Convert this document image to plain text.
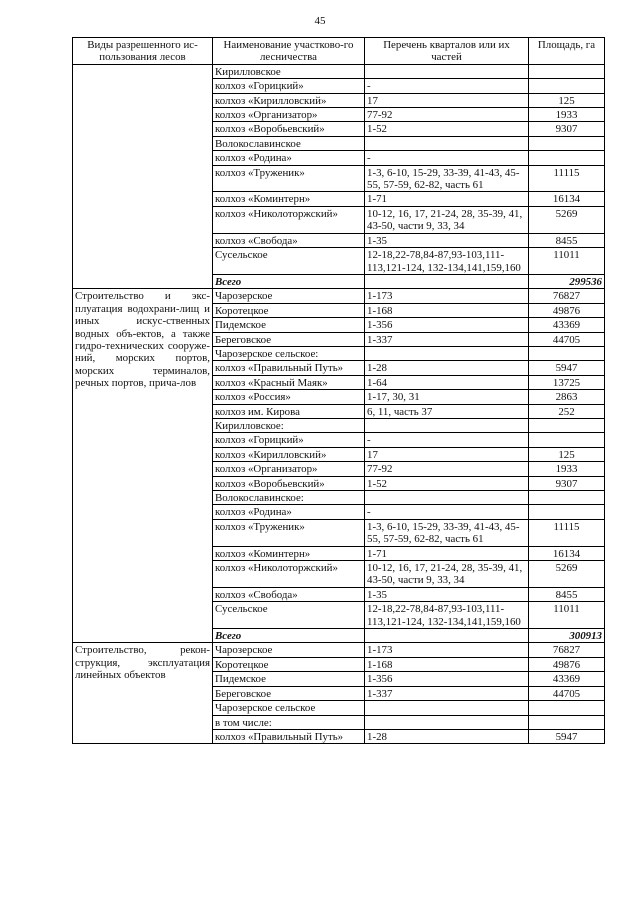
45
Виды разрешенного ис-пользования лесов	Наименование участково-го лесничества	Перечень кварталов или их частей	Площадь, га
	Кирилловское		
	колхоз «Горицкий»	-	
	колхоз «Кирилловский»	17	125
	колхоз «Организатор»	77-92	1933
	колхоз «Воробьевский»	1-52	9307
	Волокославинское		
	колхоз «Родина»	-	
	колхоз «Труженик»	1-3, 6-10, 15-29, 33-39, 41-43, 45-55, 57-59, 62-82, часть 61	11115
	колхоз «Коминтерн»	1-71	16134
	колхоз «Николоторжский»	10-12, 16, 17, 21-24, 28, 35-39, 41, 43-50, части 9, 33, 34	5269
	колхоз «Свобода»	1-35	8455
	Сусельское	12-18,22-78,84-87,93-103,111-113,121-124, 132-134,141,159,160	11011
	Всего		299536
Строительство и экс-плуатация водохрани-лищ и иных искус-ственных водных объ-ектов, а также гидро-технических сооруже-ний, морских портов, морских терминалов, речных портов, прича-лов	Чарозерское	1-173	76827
	Коротецкое	1-168	49876
	Пидемское	1-356	43369
	Береговское	1-337	44705
	Чарозерское сельское:		
	колхоз «Правильный Путь»	1-28	5947
	колхоз «Красный Маяк»	1-64	13725
	колхоз «Россия»	1-17, 30, 31	2863
	колхоз им. Кирова	6, 11, часть 37	252
	Кирилловское:		
	колхоз «Горицкий»	-	
	колхоз «Кирилловский»	17	125
	колхоз «Организатор»	77-92	1933
	колхоз «Воробьевский»	1-52	9307
	Волокославинское:		
	колхоз «Родина»	-	
	колхоз «Труженик»	1-3, 6-10, 15-29, 33-39, 41-43, 45-55, 57-59, 62-82, часть 61	11115
	колхоз «Коминтерн»	1-71	16134
	колхоз «Николоторжский»	10-12, 16, 17, 21-24, 28, 35-39, 41, 43-50, части 9, 33, 34	5269
	колхоз «Свобода»	1-35	8455
	Сусельское	12-18,22-78,84-87,93-103,111-113,121-124, 132-134,141,159,160	11011
	Всего		300913
Строительство, рекон-струкция, эксплуатация линейных объектов	Чарозерское	1-173	76827
	Коротецкое	1-168	49876
	Пидемское	1-356	43369
	Береговское	1-337	44705
	Чарозерское сельское		
	в том числе:		
	колхоз «Правильный Путь»	1-28	5947
